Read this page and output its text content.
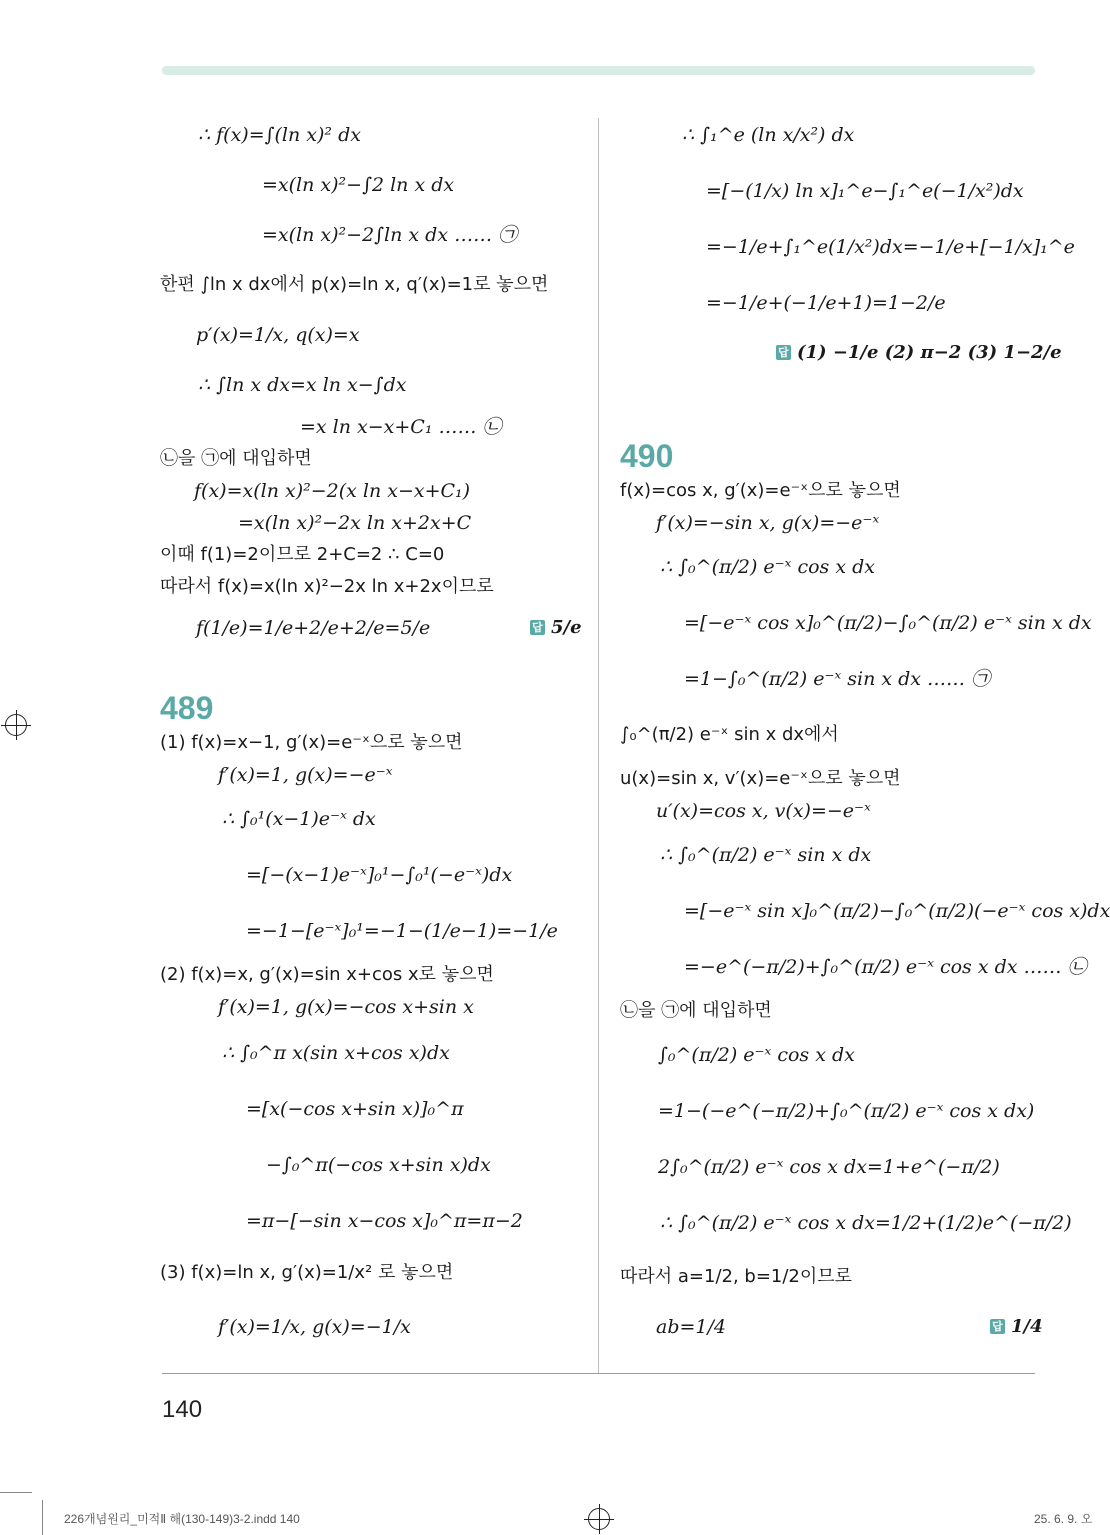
∴ f(x)=∫(ln x)² dx
=x(ln x)²−∫2 ln x dx
=x(ln x)²−2∫ln x dx …… ㉠
한편 ∫ln x dx에서 p(x)=ln x, q′(x)=1로 놓으면
p′(x)=1/x, q(x)=x
∴ ∫ln x dx=x ln x−∫dx
=x ln x−x+C₁ …… ㉡
㉡을 ㉠에 대입하면
f(x)=x(ln x)²−2(x ln x−x+C₁)
=x(ln x)²−2x ln x+2x+C
이때 f(1)=2이므로 2+C=2 ∴ C=0
따라서 f(x)=x(ln x)²−2x ln x+2x이므로
f(1/e)=1/e+2/e+2/e=5/e
(1) f(x)=x−1, g′(x)=e⁻ˣ으로 놓으면
f′(x)=1, g(x)=−e⁻ˣ
∴ ∫₀¹(x−1)e⁻ˣ dx
=[−(x−1)e⁻ˣ]₀¹−∫₀¹(−e⁻ˣ)dx
=−1−[e⁻ˣ]₀¹=−1−(1/e−1)=−1/e
(2) f(x)=x, g′(x)=sin x+cos x로 놓으면
f′(x)=1, g(x)=−cos x+sin x
∴ ∫₀^π x(sin x+cos x)dx
=[x(−cos x+sin x)]₀^π
−∫₀^π(−cos x+sin x)dx
=π−[−sin x−cos x]₀^π=π−2
(3) f(x)=ln x, g′(x)=1/x² 로 놓으면
f′(x)=1/x, g(x)=−1/x
∴ ∫₁^e (ln x/x²) dx
=[−(1/x) ln x]₁^e−∫₁^e(−1/x²)dx
=−1/e+∫₁^e(1/x²)dx=−1/e+[−1/x]₁^e
=−1/e+(−1/e+1)=1−2/e
f(x)=cos x, g′(x)=e⁻ˣ으로 놓으면
f′(x)=−sin x, g(x)=−e⁻ˣ
∴ ∫₀^(π/2) e⁻ˣ cos x dx
=[−e⁻ˣ cos x]₀^(π/2)−∫₀^(π/2) e⁻ˣ sin x dx
=1−∫₀^(π/2) e⁻ˣ sin x dx …… ㉠
∫₀^(π/2) e⁻ˣ sin x dx에서
u(x)=sin x, v′(x)=e⁻ˣ으로 놓으면
u′(x)=cos x, v(x)=−e⁻ˣ
∴ ∫₀^(π/2) e⁻ˣ sin x dx
=[−e⁻ˣ sin x]₀^(π/2)−∫₀^(π/2)(−e⁻ˣ cos x)dx
=−e^(−π/2)+∫₀^(π/2) e⁻ˣ cos x dx …… ㉡
㉡을 ㉠에 대입하면
∫₀^(π/2) e⁻ˣ cos x dx
=1−(−e^(−π/2)+∫₀^(π/2) e⁻ˣ cos x dx)
2∫₀^(π/2) e⁻ˣ cos x dx=1+e^(−π/2)
∴ ∫₀^(π/2) e⁻ˣ cos x dx=1/2+(1/2)e^(−π/2)
따라서 a=1/2, b=1/2이므로
ab=1/4
489
490
답 5/e
답 (1) −1/e (2) π−2 (3) 1−2/e
답 1/4
140
226개념원리_미적Ⅱ 해(130-149)3-2.indd 140	25. 6. 9. 오
